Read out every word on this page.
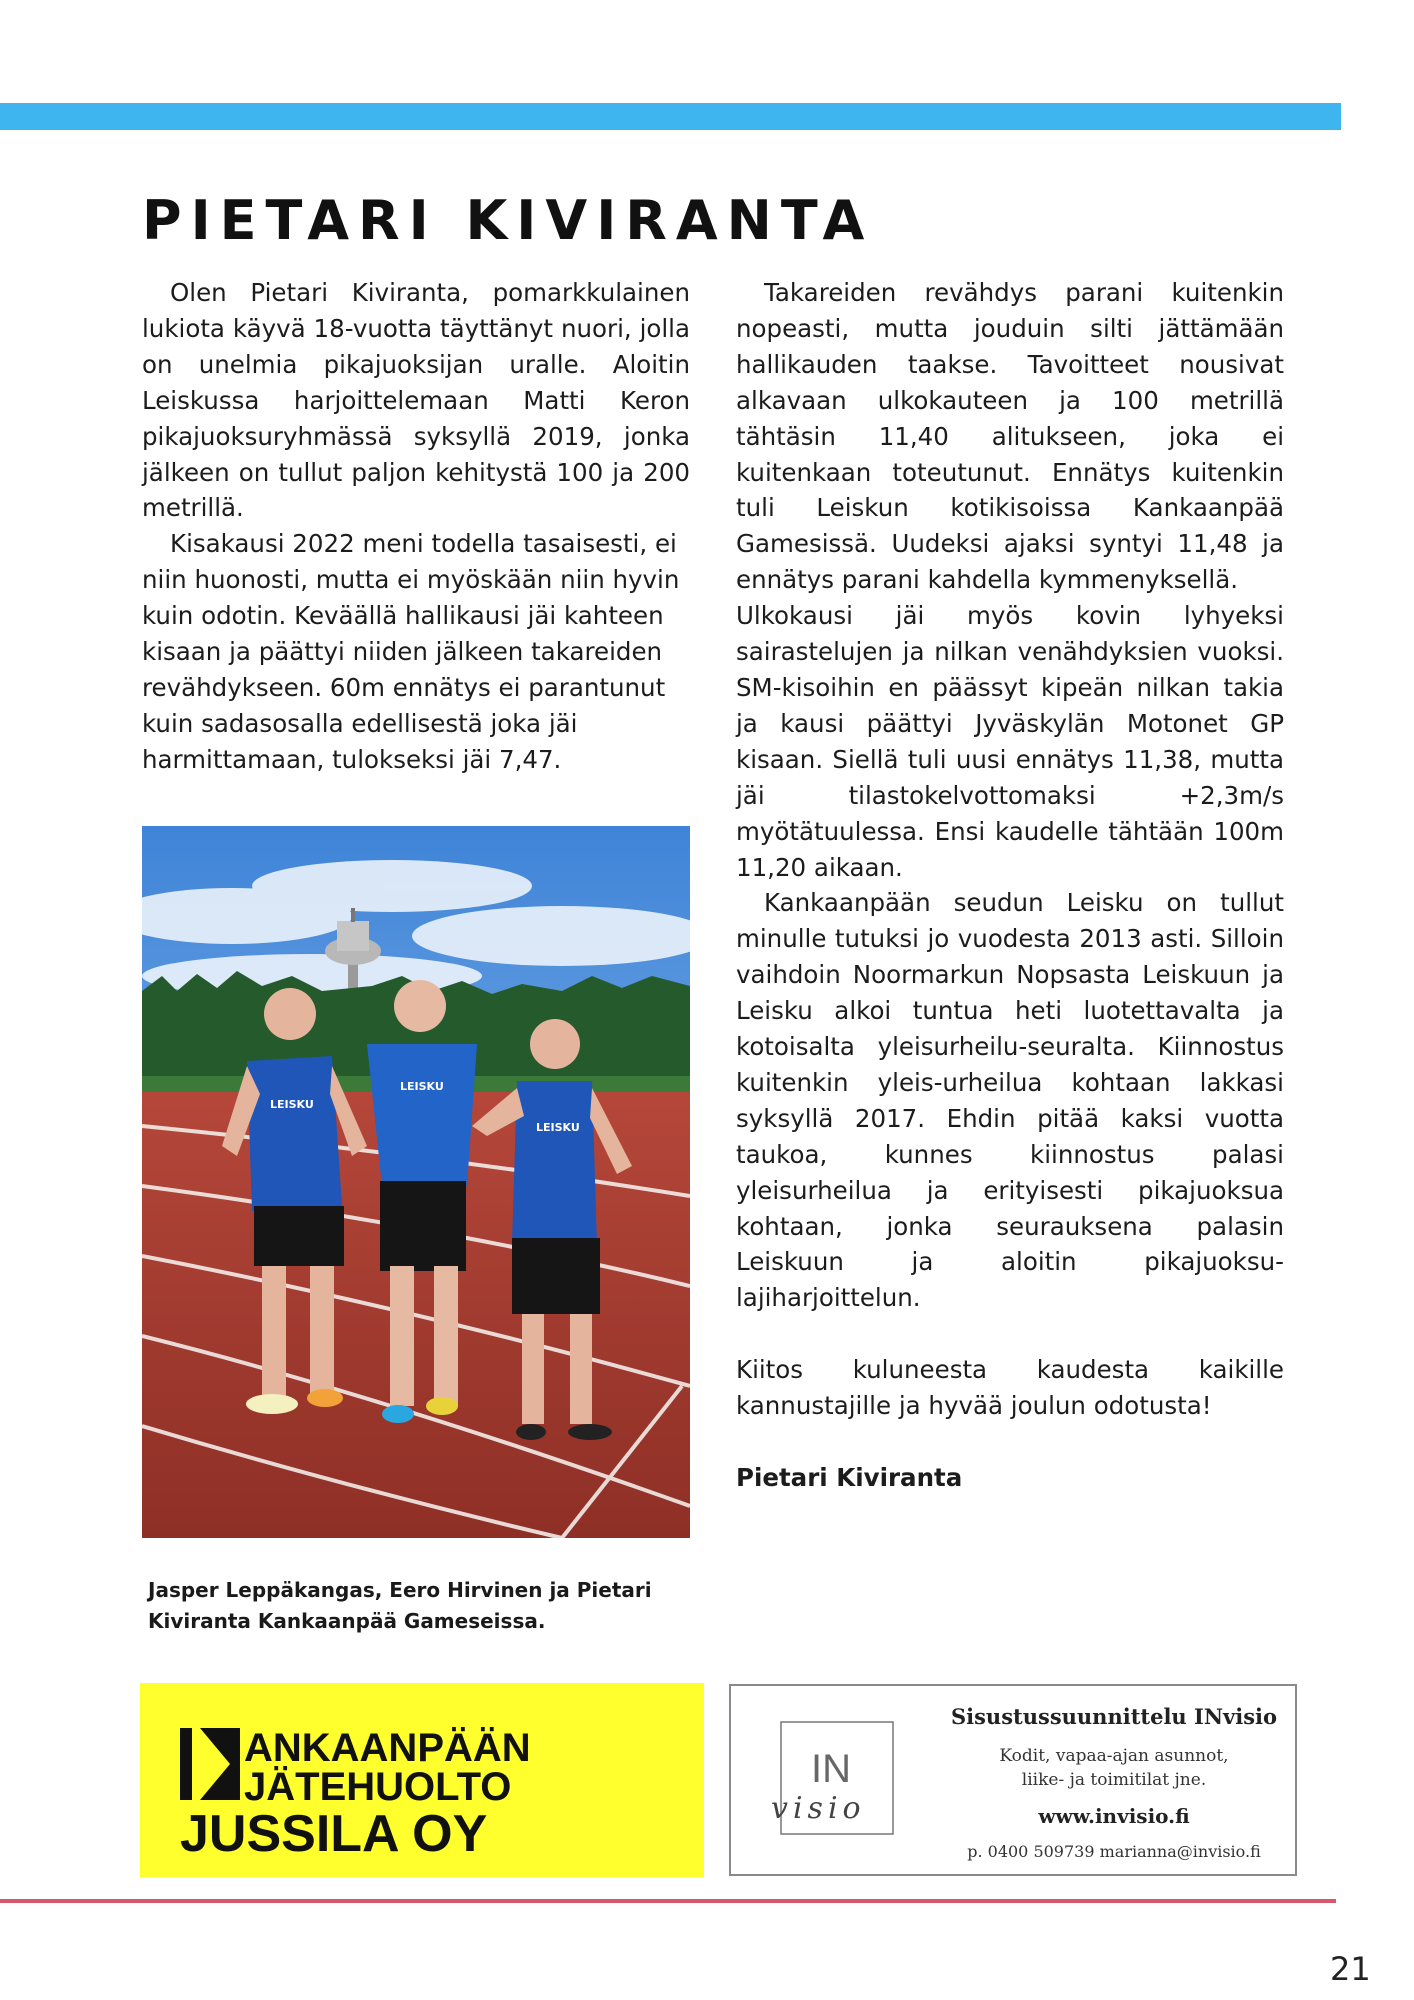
PIETARI KIVIRANTA

Olen Pietari Kiviranta, pomarkkulainen lukiota käyvä 18-vuotta täyttänyt nuori, jolla on unelmia pikajuoksijan uralle. Aloitin Leiskussa harjoittelemaan Matti Keron pikajuoksuryhmässä syksyllä 2019, jonka jälkeen on tullut paljon kehitystä 100 ja 200 metrillä.

Kisakausi 2022 meni todella tasaisesti, ei niin huonosti, mutta ei myöskään niin hyvin kuin odotin. Keväällä hallikausi jäi kahteen kisaan ja päättyi niiden jälkeen takareiden revähdykseen. 60m ennätys ei parantunut kuin sadasosalla edellisestä joka jäi harmittamaan, tulokseksi jäi 7,47.

Takareiden revähdys parani kuitenkin nopeasti, mutta jouduin silti jättämään hallikauden taakse. Tavoitteet nousivat alkavaan ulkokauteen ja 100 metrillä tähtäsin 11,40 alitukseen, joka ei kuitenkaan toteutunut. Ennätys kuitenkin tuli Leiskun kotikisoissa Kankaanpää Gamesissä. Uudeksi ajaksi syntyi 11,48 ja ennätys parani kahdella kymmenyksellä.

Ulkokausi jäi myös kovin lyhyeksi sairastelujen ja nilkan venähdyksien vuoksi. SM-kisoihin en päässyt kipeän nilkan takia ja kausi päättyi Jyväskylän Motonet GP kisaan. Siellä tuli uusi ennätys 11,38, mutta jäi tilastokelvottomaksi +2,3m/s myötätuulessa. Ensi kaudelle tähtään 100m 11,20 aikaan.

Kankaanpään seudun Leisku on tullut minulle tutuksi jo vuodesta 2013 asti. Silloin vaihdoin Noormarkun Nopsasta Leiskuun ja Leisku alkoi tuntua heti luotettavalta ja kotoisalta yleisurheilu-seuralta. Kiinnostus kuitenkin yleis-urheilua kohtaan lakkasi syksyllä 2017. Ehdin pitää kaksi vuotta taukoa, kunnes kiinnostus palasi yleisurheilua ja erityisesti pikajuoksua kohtaan, jonka seurauksena palasin Leiskuun ja aloitin pikajuoksu-lajiharjoittelun.

Kiitos kuluneesta kaudesta kaikille kannustajille ja hyvää joulun odotusta!

Pietari Kiviranta

LEISKU
LEISKU
LEISKU
Jasper Leppäkangas, Eero Hirvinen ja Pietari Kiviranta Kankaanpää Gameseissa.
ANKAANPÄÄN
JÄTEHUOLTO
JUSSILA OY
IN
visio
Sisustussuunnittelu INvisio
Kodit, vapaa-ajan asunnot,
liike- ja toimitilat jne.
www.invisio.fi
p. 0400 509739 marianna@invisio.fi
21
